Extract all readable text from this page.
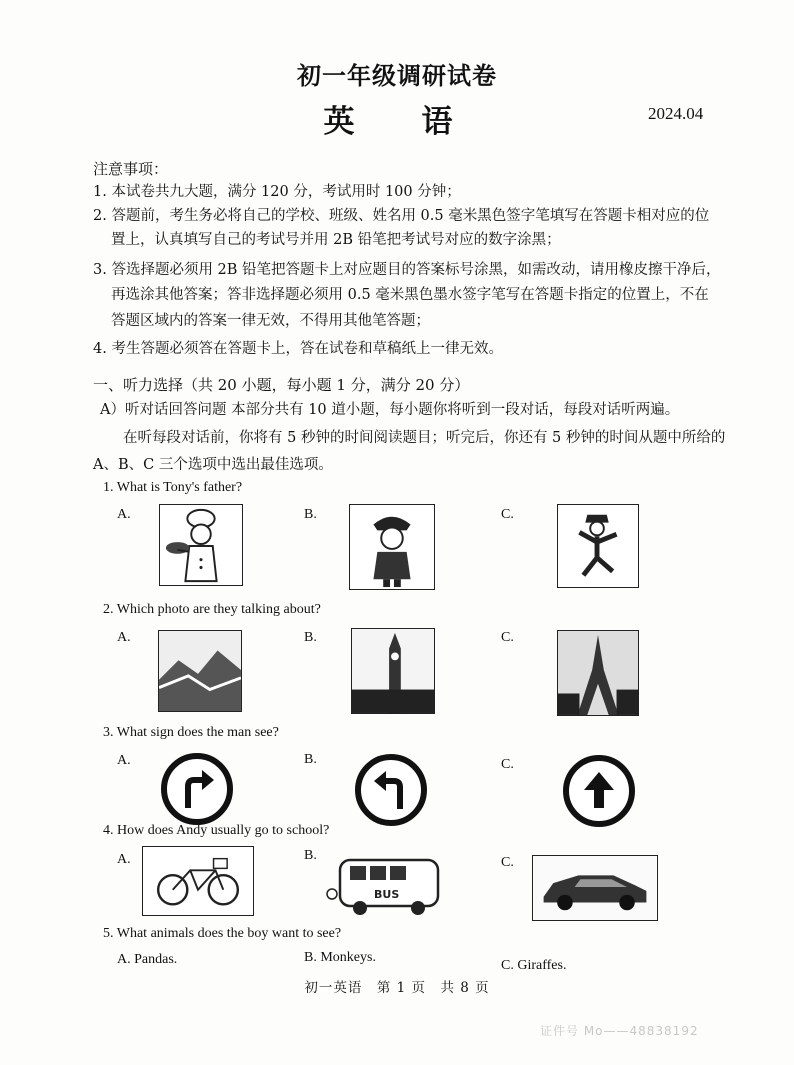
初一年级调研试卷
英　语	2024.04
注意事项：
1. 本试卷共九大题，满分 120 分，考试用时 100 分钟；
2. 答题前，考生务必将自己的学校、班级、姓名用 0.5 毫米黑色签字笔填写在答题卡相对应的位
置上，认真填写自己的考试号并用 2B 铅笔把考试号对应的数字涂黑；
3. 答选择题必须用 2B 铅笔把答题卡上对应题目的答案标号涂黑，如需改动，请用橡皮擦干净后，
再选涂其他答案；答非选择题必须用 0.5 毫米黑色墨水签字笔写在答题卡指定的位置上，不在
答题区域内的答案一律无效，不得用其他笔答题；
4. 考生答题必须答在答题卡上，答在试卷和草稿纸上一律无效。
一、听力选择（共 20 小题，每小题 1 分，满分 20 分）
A）听对话回答问题 本部分共有 10 道小题，每小题你将听到一段对话，每段对话听两遍。
在听每段对话前，你将有 5 秒钟的时间阅读题目；听完后，你还有 5 秒钟的时间从题中所给的 A、B、C 三个选项中选出最佳选项。
1. What is Tony's father?
A.	B.	C.
2. Which photo are they talking about?
A.	B.	C.
3. What sign does the man see?
A.	B.	C.
4. How does Andy usually go to school?
A.	B.	C.
BUS
5. What animals does the boy want to see?
A. Pandas.	B. Monkeys.
C. Giraffes.
初一英语　第 1 页　共 8 页
证件号 Mo——48838192
